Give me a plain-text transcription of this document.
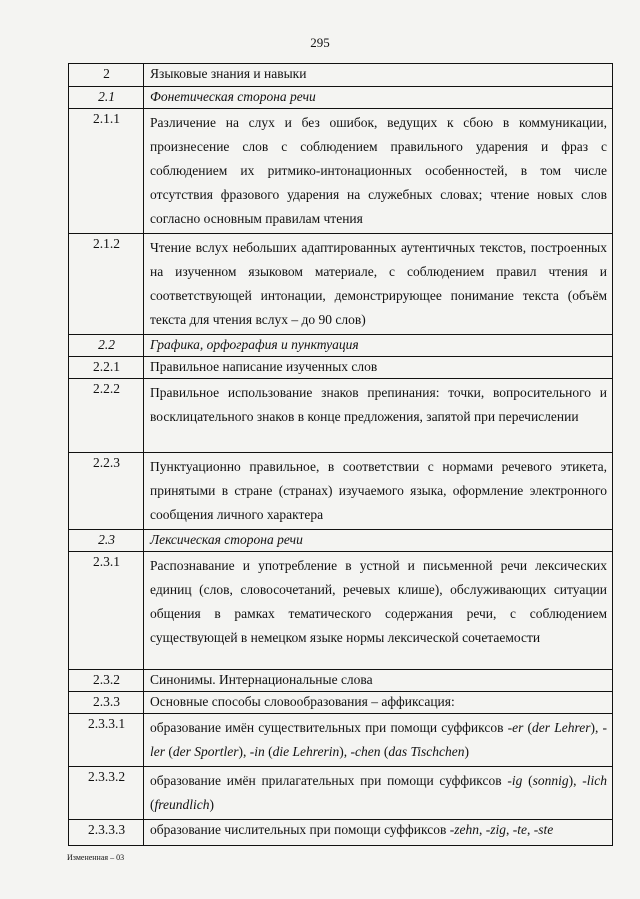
295
2	Языковые знания и навыки
2.1	Фонетическая сторона речи
2.1.1	Различение на слух и без ошибок, ведущих к сбою в коммуникации, произнесение слов с соблюдением правильного ударения и фраз с соблюдением их ритмико-интонационных особенностей, в том числе отсутствия фразового ударения на служебных словах; чтение новых слов согласно основным правилам чтения
2.1.2	Чтение вслух небольших адаптированных аутентичных текстов, построенных на изученном языковом материале, с соблюдением правил чтения и соответствующей интонации, демонстрирующее понимание текста (объём текста для чтения вслух – до 90 слов)
2.2	Графика, орфография и пунктуация
2.2.1	Правильное написание изученных слов
2.2.2	Правильное использование знаков препинания: точки, вопросительного и восклицательного знаков в конце предложения, запятой при перечислении
2.2.3	Пунктуационно правильное, в соответствии с нормами речевого этикета, принятыми в стране (странах) изучаемого языка, оформление электронного сообщения личного характера
2.3	Лексическая сторона речи
2.3.1	Распознавание и употребление в устной и письменной речи лексических единиц (слов, словосочетаний, речевых клише), обслуживающих ситуации общения в рамках тематического содержания речи, с соблюдением существующей в немецком языке нормы лексической сочетаемости
2.3.2	Синонимы. Интернациональные слова
2.3.3	Основные способы словообразования – аффиксация:
2.3.3.1	образование имён существительных при помощи суффиксов -er (der Lehrer), -ler (der Sportler), -in (die Lehrerin), -chen (das Tischchen)
2.3.3.2	образование имён прилагательных при помощи суффиксов -ig (sonnig), -lich (freundlich)
2.3.3.3	образование числительных при помощи суффиксов -zehn, -zig, -te, -ste
Измененная – 03
